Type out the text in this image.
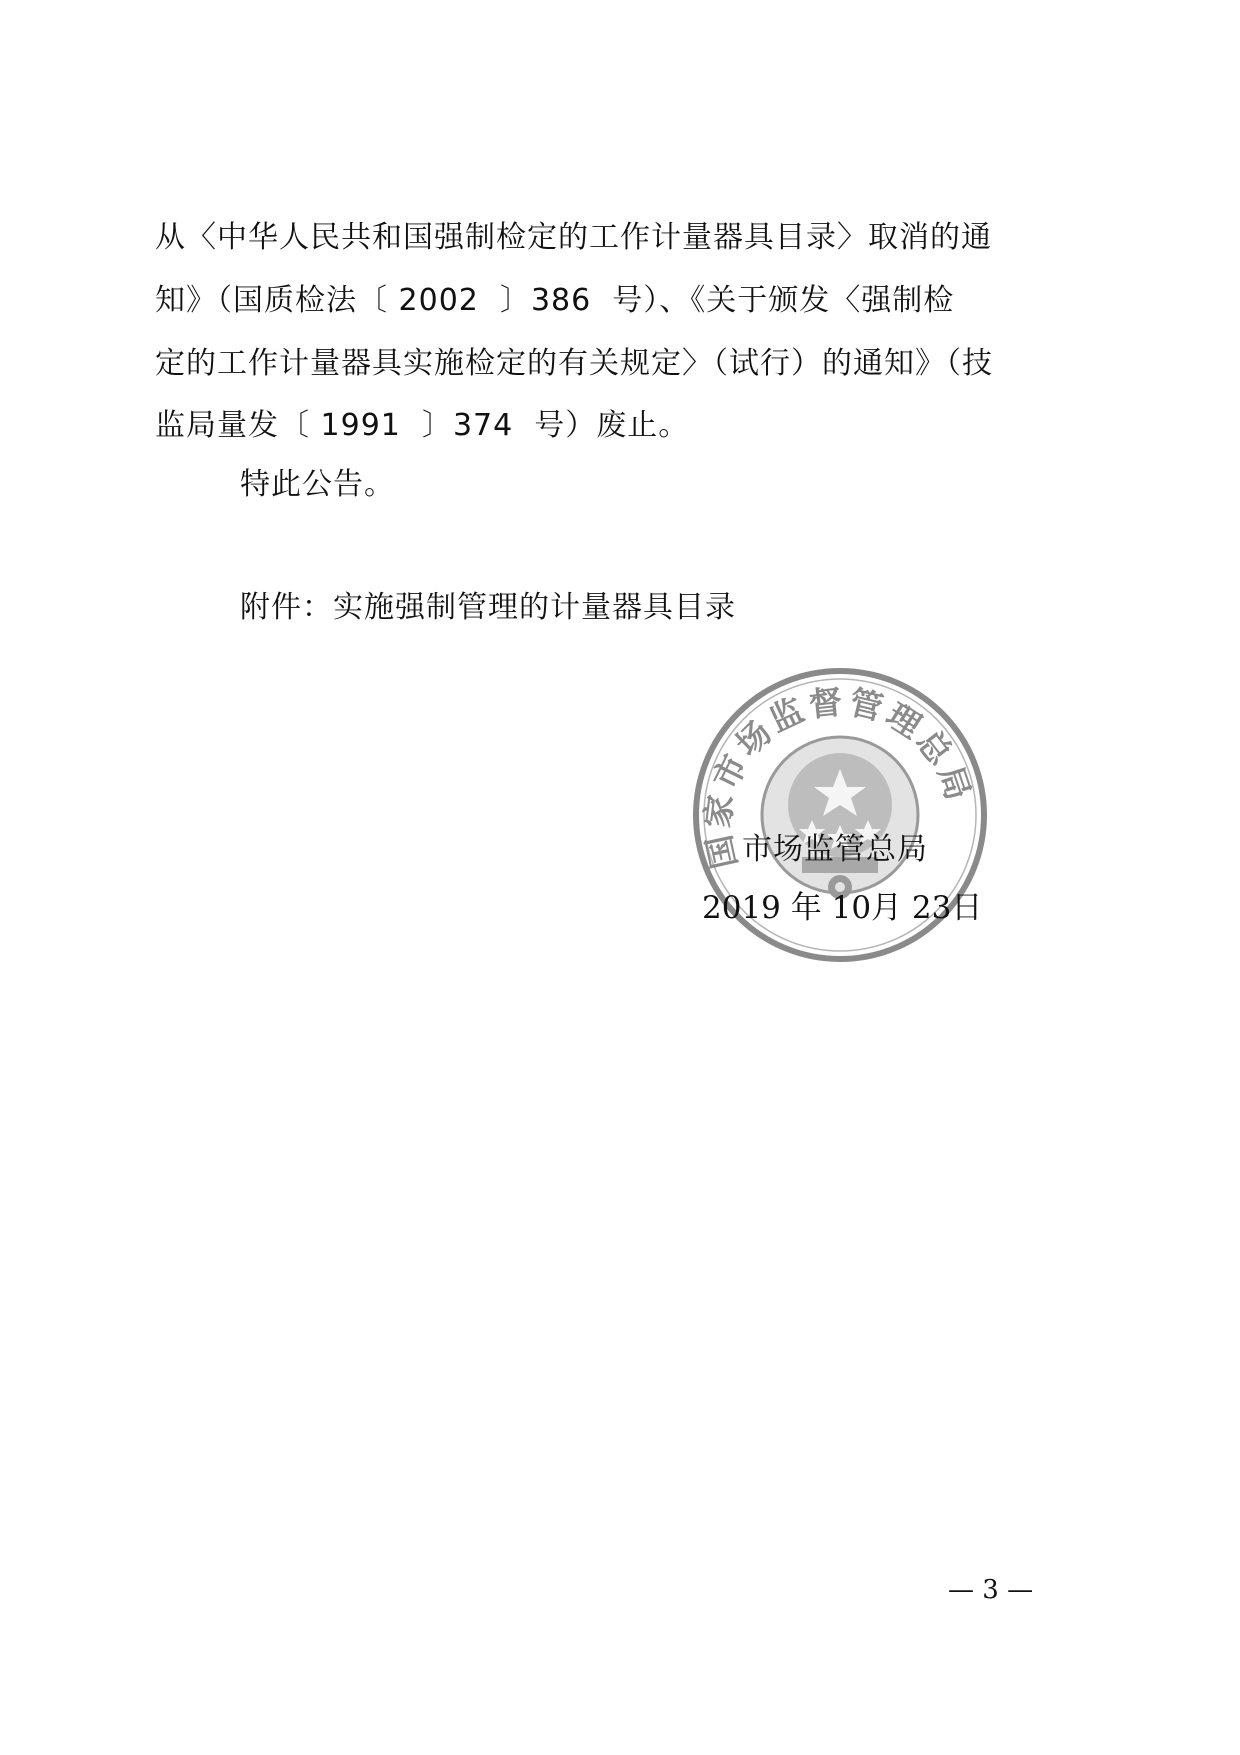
从〈中华人民共和国强制检定的工作计量器具目录〉取消的通
知》（国质检法〔 2002  〕386  号）、《关于颁发〈强制检
定的工作计量器具实施检定的有关规定〉（试行）的通知》（技
监局量发〔 1991  〕374  号）废止。
特此公告。
附件：实施强制管理的计量器具目录
国家市场监督管理总局
市场监管总局
2019 年 10月 23日
— 3 —
